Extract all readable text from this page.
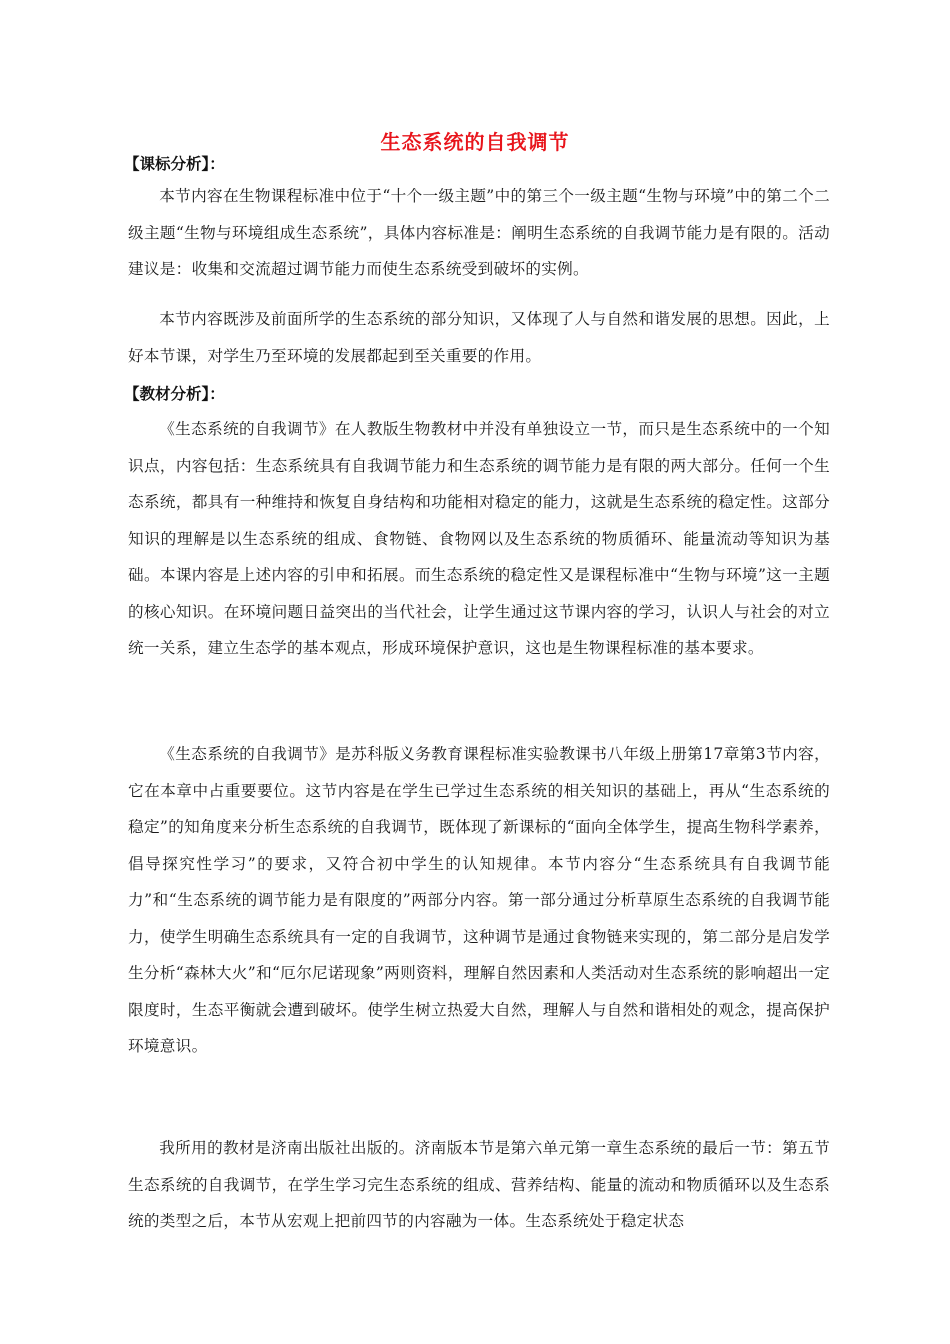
生态系统的自我调节
【课标分析】：

本节内容在生物课程标准中位于“十个一级主题”中的第三个一级主题“生物与环境”中的第二个二级主题“生物与环境组成生态系统”，具体内容标准是：阐明生态系统的自我调节能力是有限的。活动建议是：收集和交流超过调节能力而使生态系统受到破坏的实例。

本节内容既涉及前面所学的生态系统的部分知识，又体现了人与自然和谐发展的思想。因此，上好本节课，对学生乃至环境的发展都起到至关重要的作用。

【教材分析】：

《生态系统的自我调节》在人教版生物教材中并没有单独设立一节，而只是生态系统中的一个知识点，内容包括：生态系统具有自我调节能力和生态系统的调节能力是有限的两大部分。任何一个生态系统，都具有一种维持和恢复自身结构和功能相对稳定的能力，这就是生态系统的稳定性。这部分知识的理解是以生态系统的组成、食物链、食物网以及生态系统的物质循环、能量流动等知识为基础。本课内容是上述内容的引申和拓展。而生态系统的稳定性又是课程标准中“生物与环境”这一主题的核心知识。在环境问题日益突出的当代社会，让学生通过这节课内容的学习，认识人与社会的对立统一关系，建立生态学的基本观点，形成环境保护意识，这也是生物课程标准的基本要求。

《生态系统的自我调节》是苏科版义务教育课程标准实验教课书八年级上册第17章第3节内容，它在本章中占重要要位。这节内容是在学生已学过生态系统的相关知识的基础上，再从“生态系统的稳定”的知角度来分析生态系统的自我调节，既体现了新课标的“面向全体学生，提高生物科学素养，倡导探究性学习”的要求，又符合初中学生的认知规律。本节内容分“生态系统具有自我调节能力”和“生态系统的调节能力是有限度的”两部分内容。第一部分通过分析草原生态系统的自我调节能力，使学生明确生态系统具有一定的自我调节，这种调节是通过食物链来实现的，第二部分是启发学生分析“森林大火”和“厄尔尼诺现象”两则资料，理解自然因素和人类活动对生态系统的影响超出一定限度时，生态平衡就会遭到破坏。使学生树立热爱大自然，理解人与自然和谐相处的观念，提高保护环境意识。

我所用的教材是济南出版社出版的。济南版本节是第六单元第一章生态系统的最后一节：第五节生态系统的自我调节，在学生学习完生态系统的组成、营养结构、能量的流动和物质循环以及生态系统的类型之后，本节从宏观上把前四节的内容融为一体。生态系统处于稳定状态
